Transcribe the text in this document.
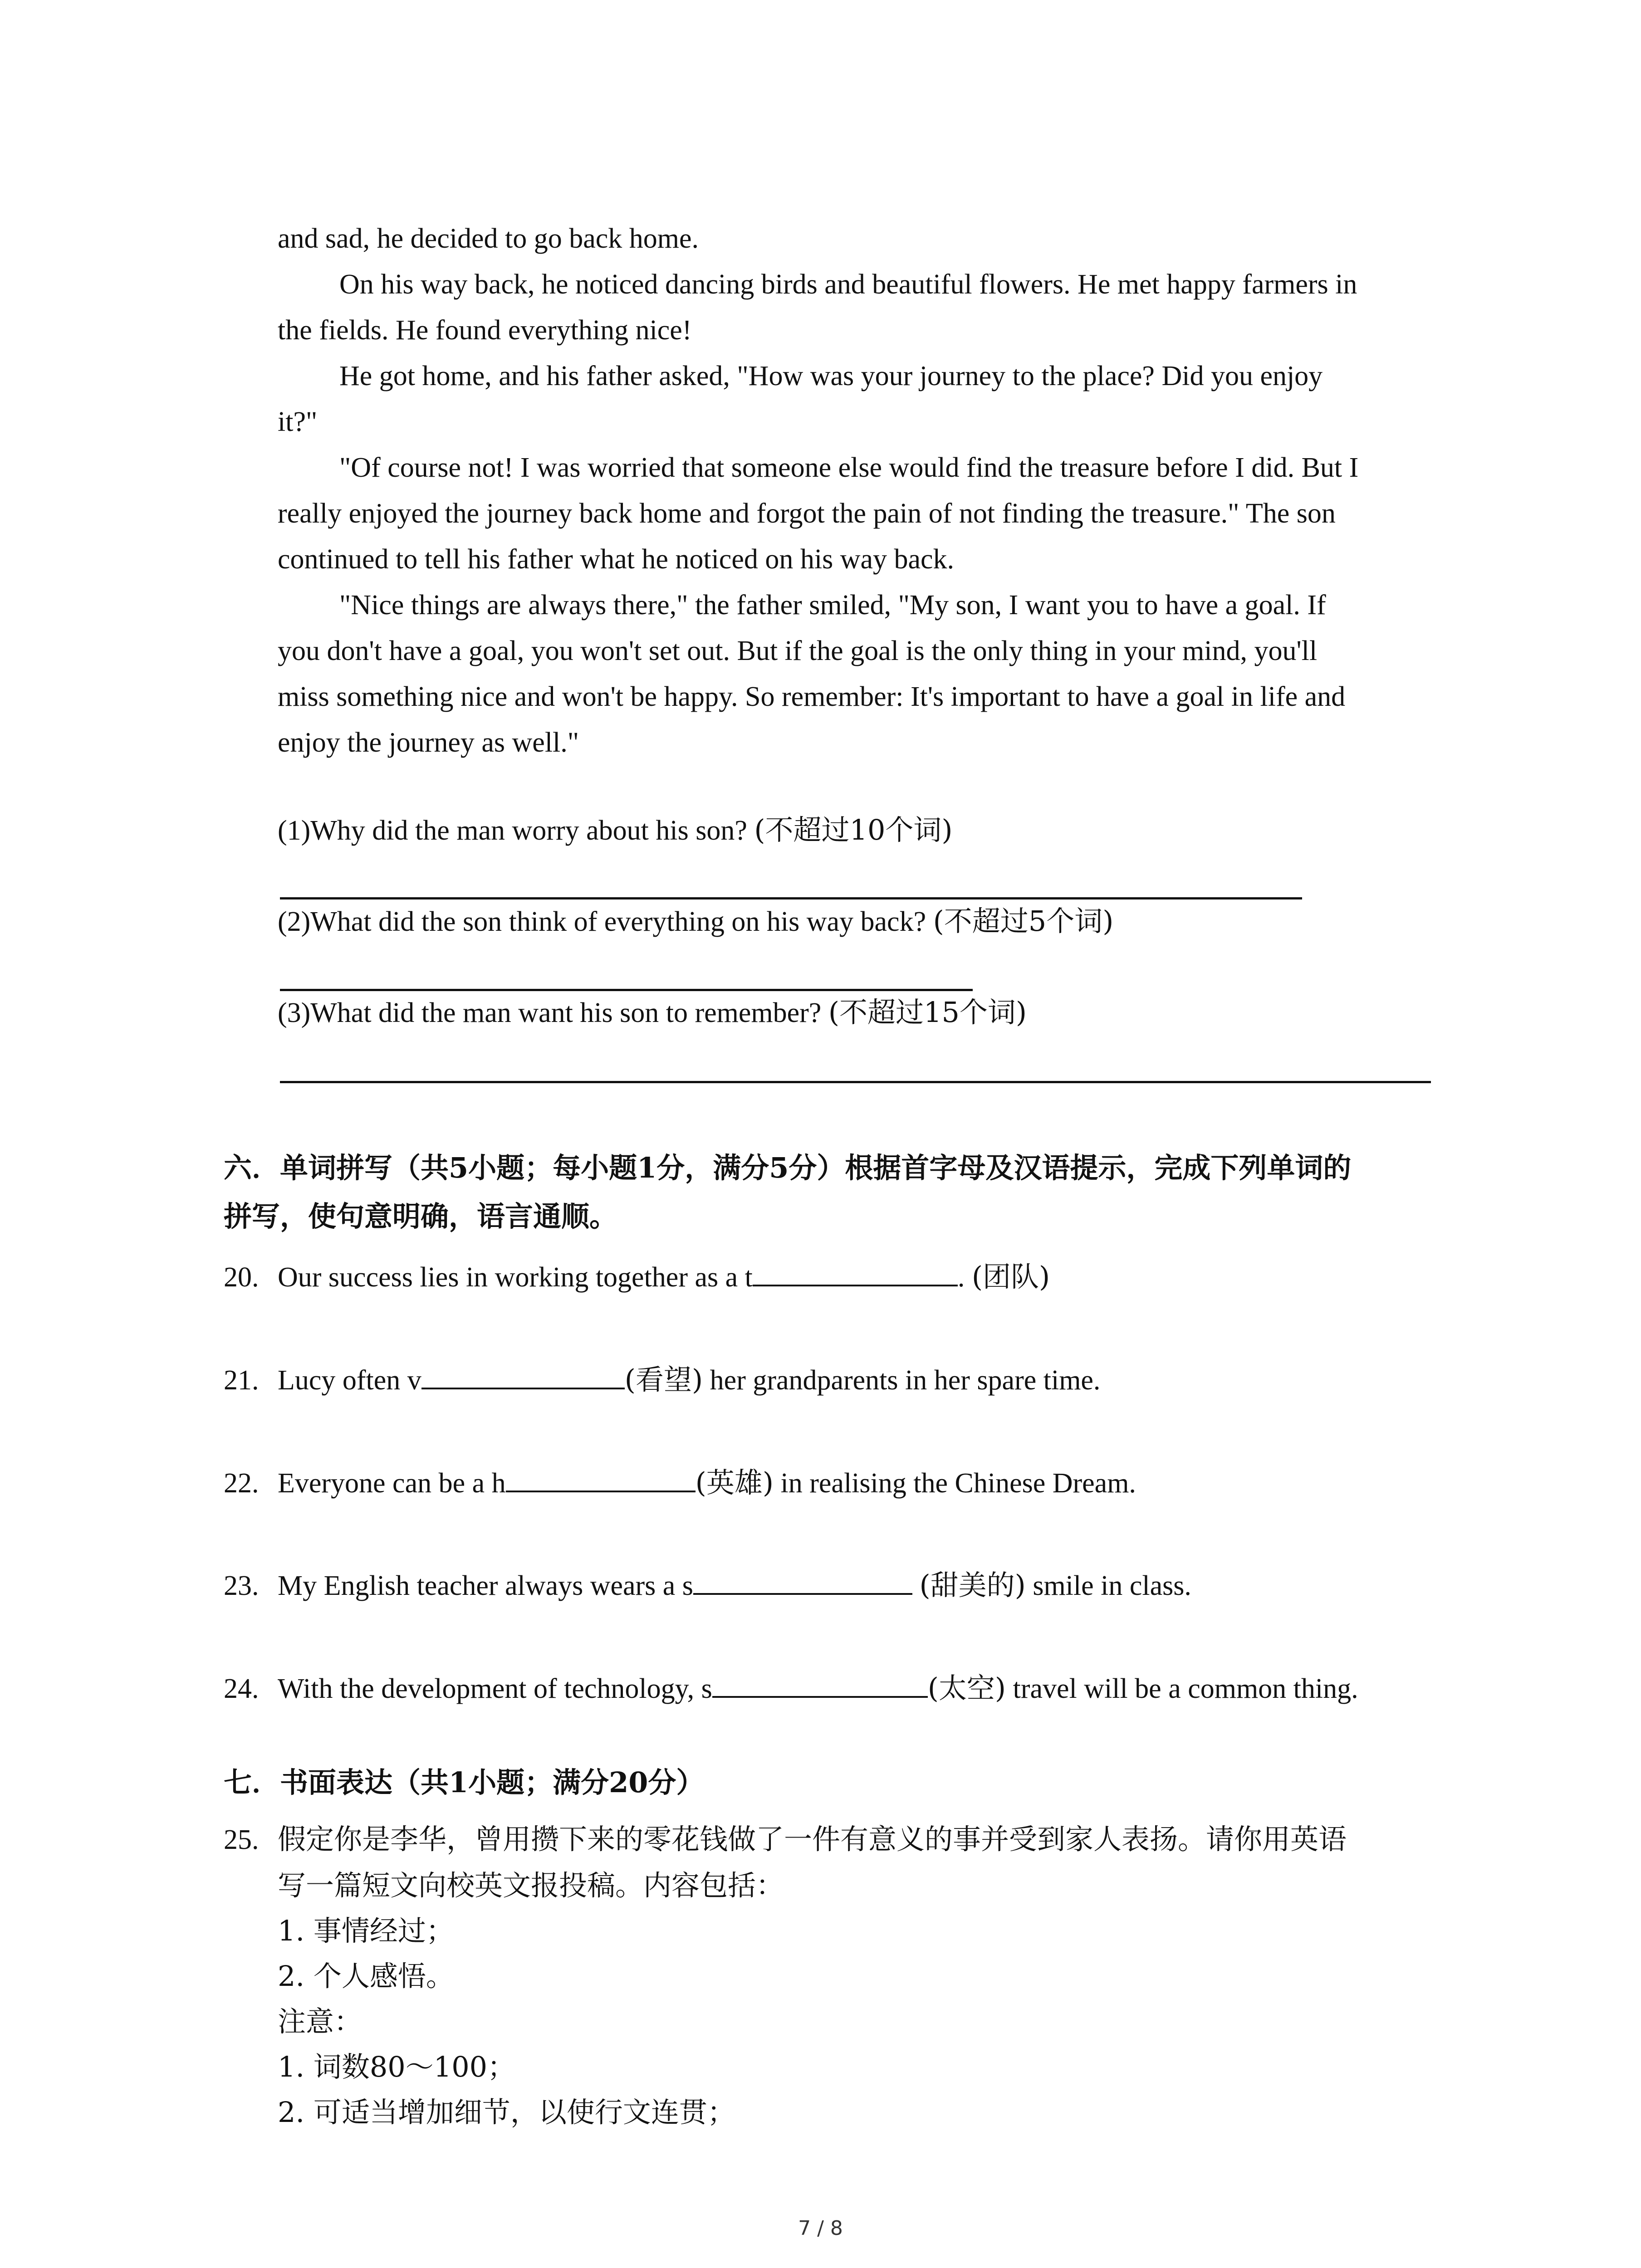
and sad, he decided to go back home.
On his way back, he noticed dancing birds and beautiful flowers. He met happy farmers in
the fields. He found everything nice!
He got home, and his father asked, "How was your journey to the place? Did you enjoy
it?"
"Of course not! I was worried that someone else would find the treasure before I did. But I
really enjoyed the journey back home and forgot the pain of not finding the treasure." The son
continued to tell his father what he noticed on his way back.
"Nice things are always there," the father smiled, "My son, I want you to have a goal. If
you don't have a goal, you won't set out. But if the goal is the only thing in your mind, you'll
miss something nice and won't be happy. So remember: It's important to have a goal in life and
enjoy the journey as well."

(1)Why did the man worry about his son? (不超过10个词)

(2)What did the son think of everything on his way back? (不超过5个词)

(3)What did the man want his son to remember? (不超过15个词)

六．单词拼写（共5小题；每小题1分，满分5分）根据首字母及汉语提示，完成下列单词的

拼写，使句意明确，语言通顺。

20. Our success lies in working together as a t	. (团队)

21. Lucy often v	(看望) her grandparents in her spare time.

22. Everyone can be a h	(英雄) in realising the Chinese Dream.

23. My English teacher always wears a s	(甜美的) smile in class.

24. With the development of technology, s	(太空) travel will be a common thing.

七．书面表达（共1小题；满分20分）

25. 假定你是李华，曾用攒下来的零花钱做了一件有意义的事并受到家人表扬。请你用英语

写一篇短文向校英文报投稿。内容包括：

1. 事情经过；

2. 个人感悟。

注意：

1. 词数80～100；

2. 可适当增加细节，以使行文连贯；

7 / 8
